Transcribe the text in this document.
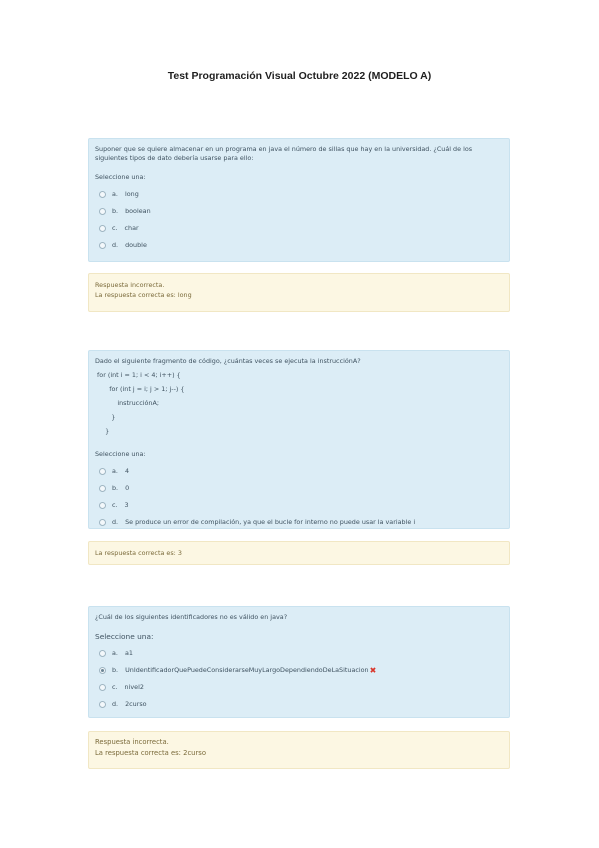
Test Programación Visual Octubre 2022 (MODELO A)
Suponer que se quiere almacenar en un programa en java el número de sillas que hay en la universidad. ¿Cuál de los siguientes tipos de dato debería usarse para ello:
Seleccione una:
a. long
b. boolean
c. char
d. double
Respuesta incorrecta.
La respuesta correcta es: long
Dado el siguiente fragmento de código, ¿cuántas veces se ejecuta la instrucciónA?
for (int i = 1; i < 4; i++) {
for (int j = i; j > 1; j--) {
instrucciónA;
}
}
Seleccione una:
a. 4
b. 0
c. 3
d. Se produce un error de compilación, ya que el bucle for interno no puede usar la variable i
La respuesta correcta es: 3
¿Cuál de los siguientes identificadores no es válido en java?
Seleccione una:
a. a1
b. UnIdentificadorQuePuedeConsiderarseMuyLargoDependiendoDeLaSituacion ✖
c. nivel2
d. 2curso
Respuesta incorrecta.
La respuesta correcta es: 2curso
